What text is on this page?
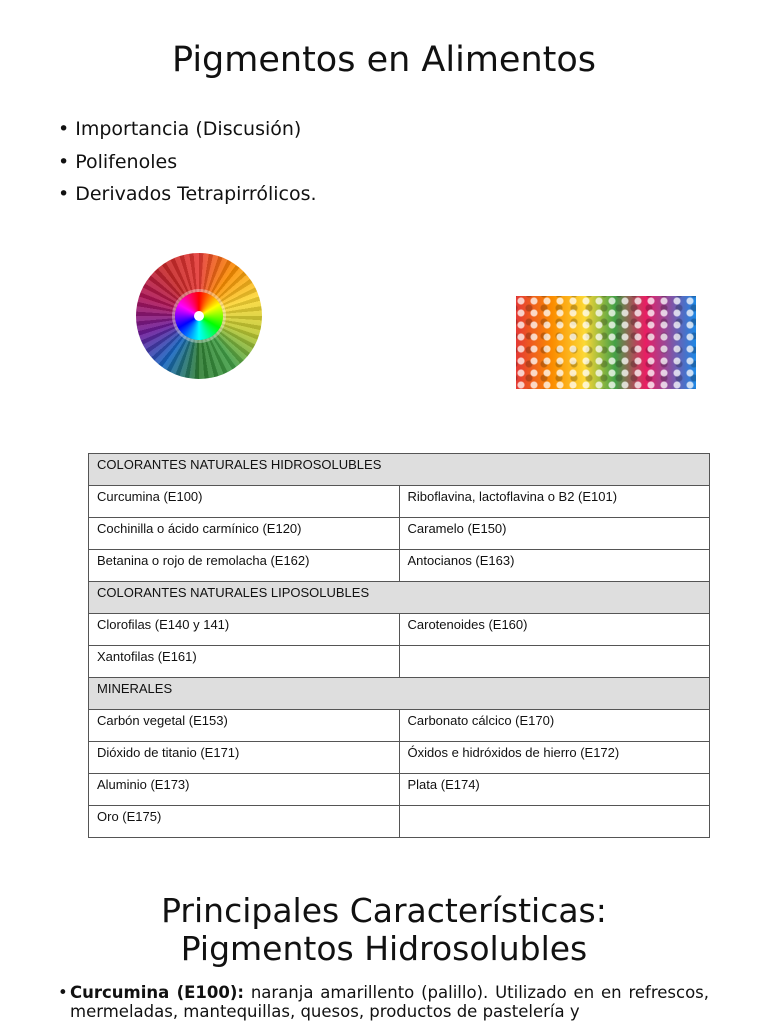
Pigmentos en Alimentos
• Importancia (Discusión)
• Polifenoles
• Derivados Tetrapirrólicos.
COLORANTES NATURALES HIDROSOLUBLES	
Curcumina (E100)	Riboflavina, lactoflavina o B2 (E101)
Cochinilla o ácido carmínico (E120)	Caramelo (E150)
Betanina o rojo de remolacha (E162)	Antocianos (E163)
COLORANTES NATURALES LIPOSOLUBLES	
Clorofilas (E140 y 141)	Carotenoides (E160)
Xantofilas (E161)	
MINERALES	
Carbón vegetal (E153)	Carbonato cálcico (E170)
Dióxido de titanio (E171)	Óxidos e hidróxidos de hierro (E172)
Aluminio (E173)	Plata (E174)
Oro (E175)	
Principales Características:
Pigmentos Hidrosolubles

• Curcumina (E100): naranja amarillento (palillo). Utilizado en en refrescos, mermeladas, mantequillas, quesos, productos de pastelería y
